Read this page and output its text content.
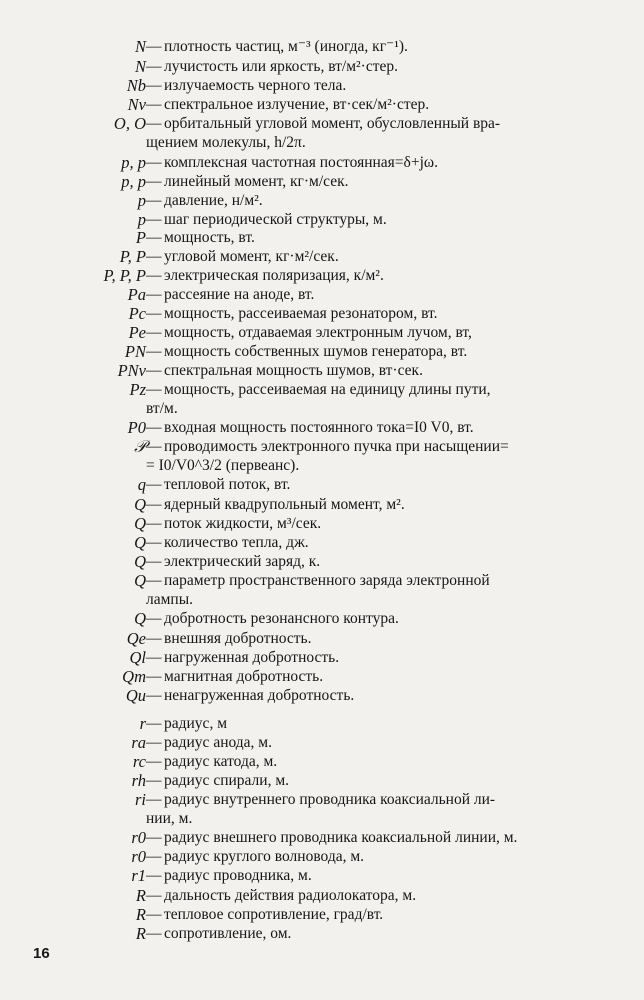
N — плотность частиц, м⁻³ (иногда, кг⁻¹).
N — лучистость или яркость, вт/м²·стер.
Nb — излучаемость черного тела.
Nν — спектральное излучение, вт·сек/м²·стер.
O, O — орбитальный угловой момент, обусловленный вра-
щением молекулы, h/2π.
p, p — комплексная частотная постоянная=δ+jω.
p, p — линейный момент, кг·м/сек.
p — давление, н/м².
p — шаг периодической структуры, м.
P — мощность, вт.
P, P — угловой момент, кг·м²/сек.
P, P, P — электрическая поляризация, к/м².
Pa — рассеяние на аноде, вт.
Pc — мощность, рассеиваемая резонатором, вт.
Pe — мощность, отдаваемая электронным лучом, вт,
PN — мощность собственных шумов генератора, вт.
PNν — спектральная мощность шумов, вт·сек.
Pz — мощность, рассеиваемая на единицу длины пути,
вт/м.
P0 — входная мощность постоянного тока=I0 V0, вт.
𝒫 — проводимость электронного пучка при насыщении=
= I0/V0^3/2 (первеанс).
q — тепловой поток, вт.
Q — ядерный квадрупольный момент, м².
Q — поток жидкости, м³/сек.
Q — количество тепла, дж.
Q — электрический заряд, к.
Q — параметр пространственного заряда электронной
лампы.
Q — добротность резонансного контура.
Qe — внешняя добротность.
Ql — нагруженная добротность.
Qm — магнитная добротность.
Qu — ненагруженная добротность.
r — радиус, м
ra — радиус анода, м.
rc — радиус катода, м.
rh — радиус спирали, м.
ri — радиус внутреннего проводника коаксиальной ли-
нии, м.
r0 — радиус внешнего проводника коаксиальной линии, м.
r0 — радиус круглого волновода, м.
r1 — радиус проводника, м.
R — дальность действия радиолокатора, м.
R — тепловое сопротивление, град/вт.
R — сопротивление, ом.
16
